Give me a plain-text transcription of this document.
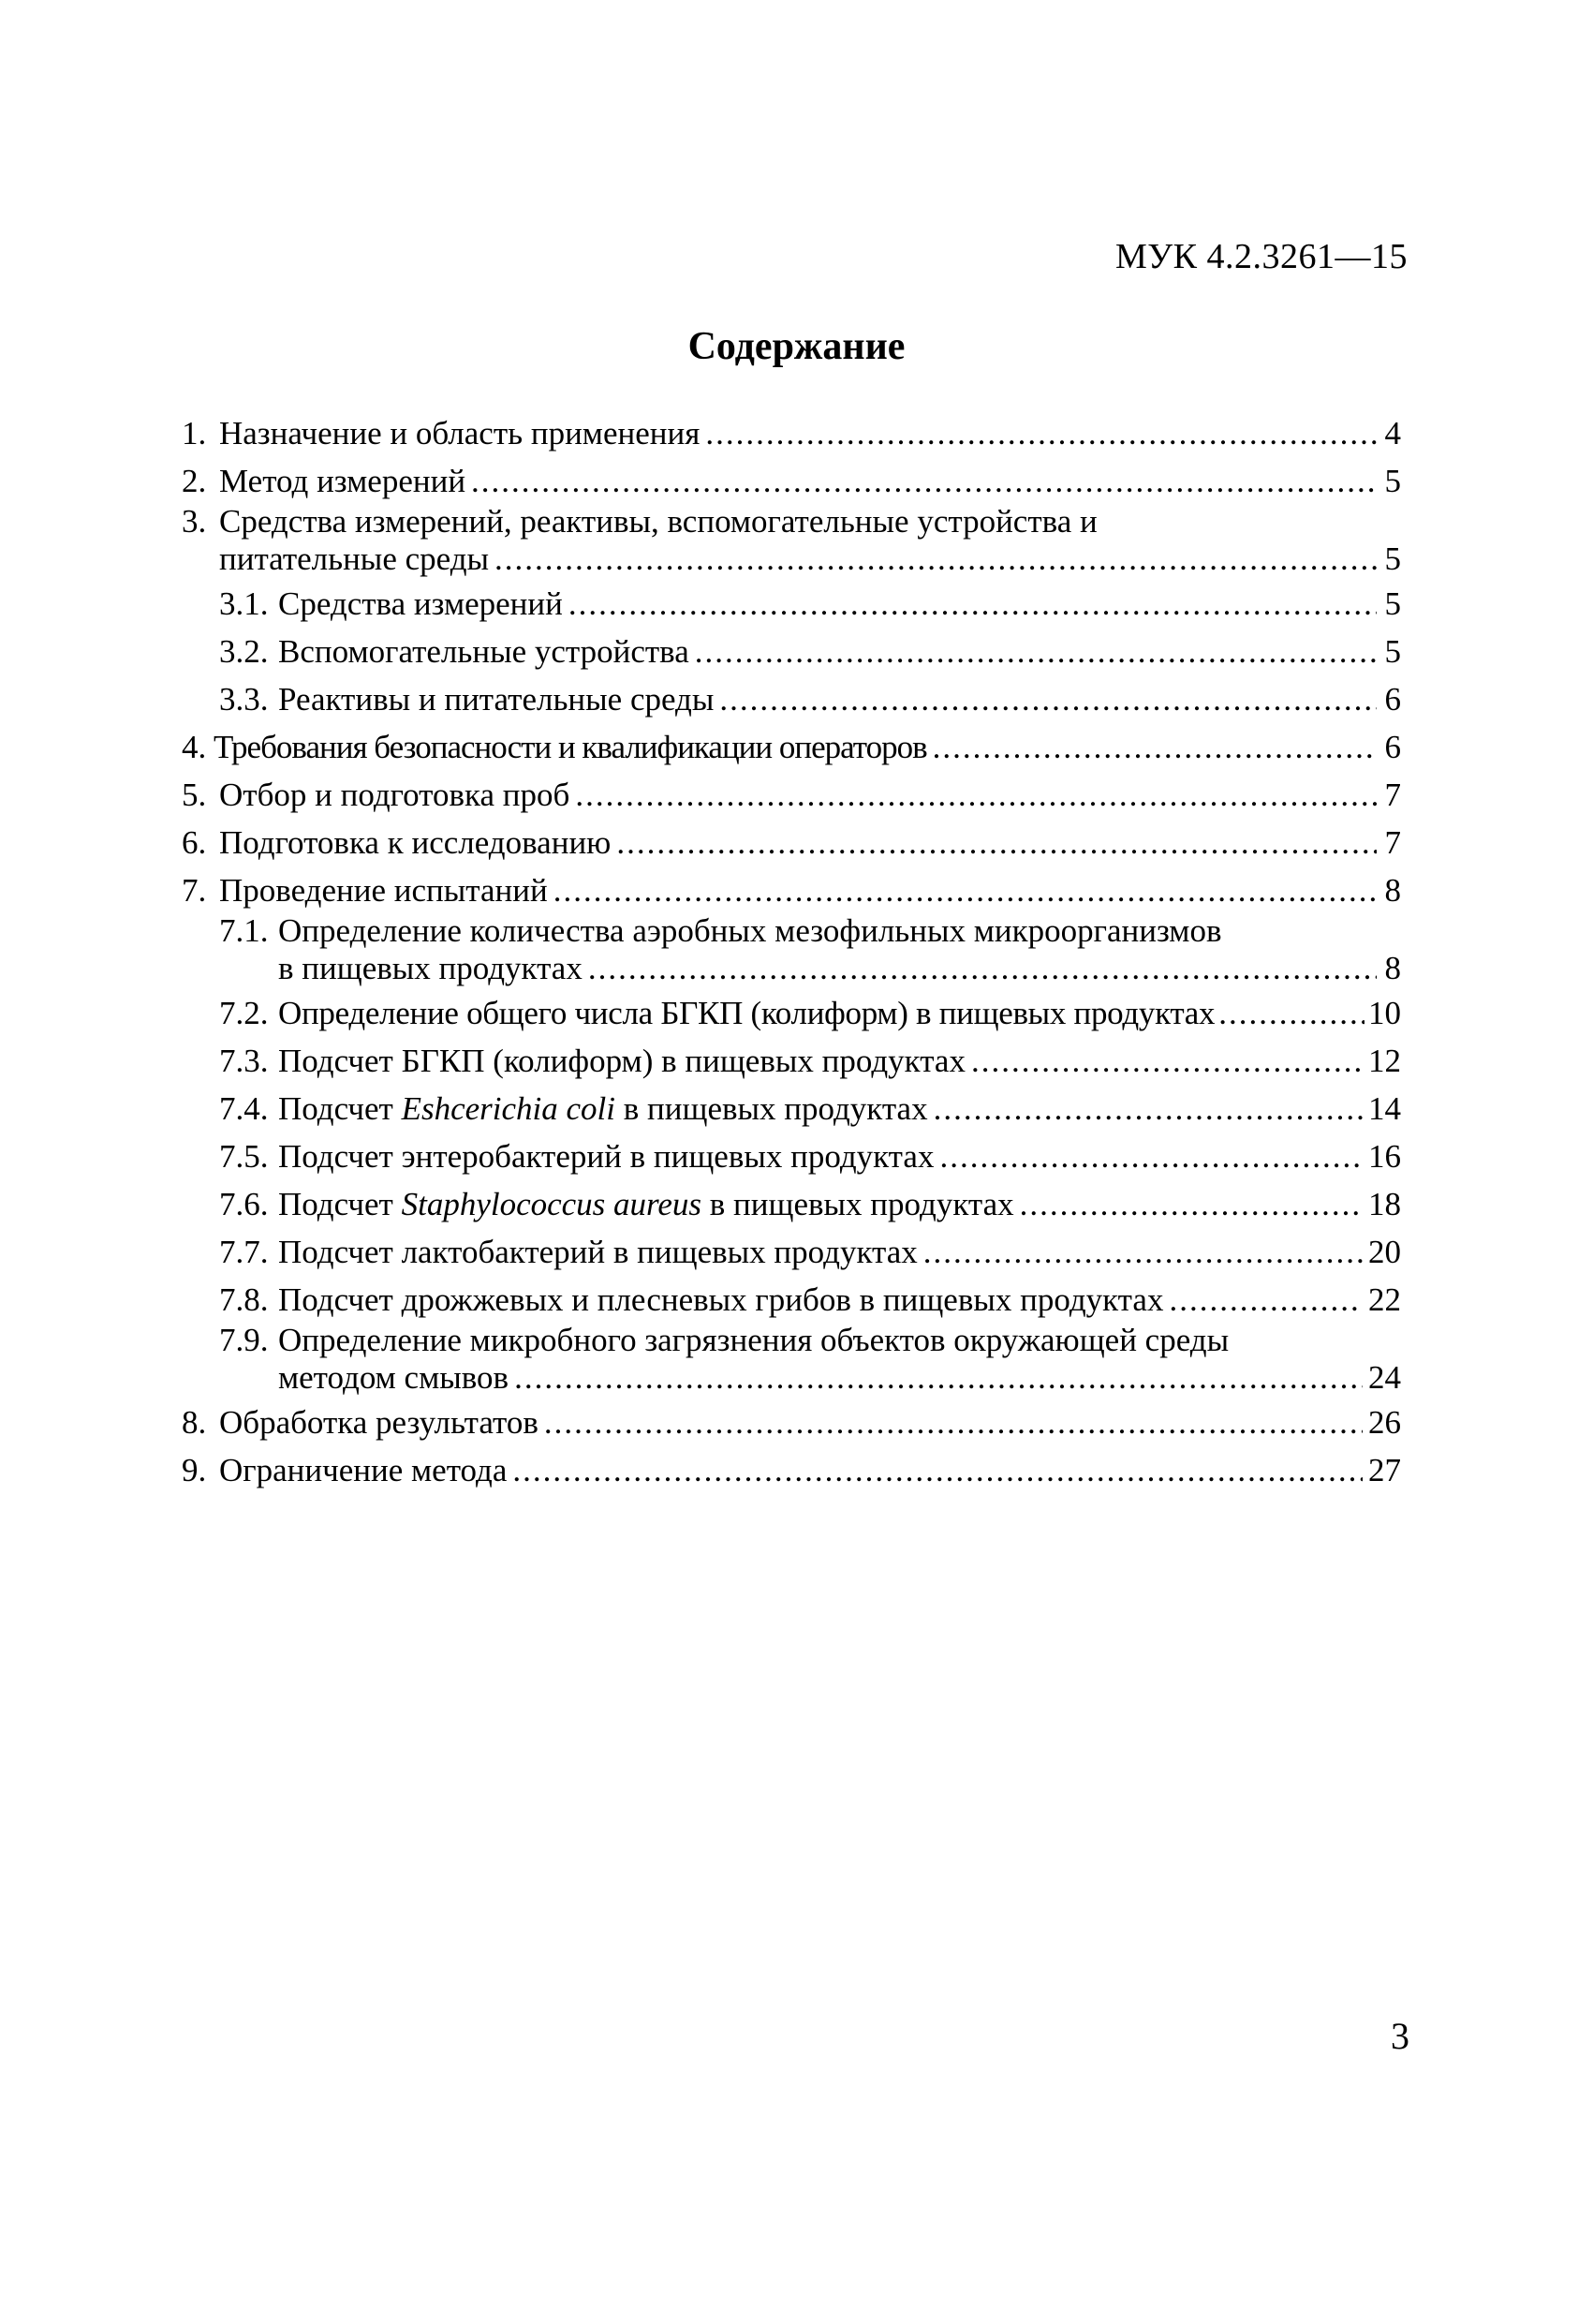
МУК 4.2.3261—15
Содержание
1. Назначение и область применения .....	4
2. Метод измерений .....	5
3. Средства измерений, реактивы, вспомогательные устройства и
питательные среды .....	5
3.1. Средства измерений .....	5
3.2. Вспомогательные устройства .....	5
3.3. Реактивы и питательные среды .....	6
4. Требования безопасности и квалификации операторов .....	6
5. Отбор и подготовка проб .....	7
6. Подготовка к исследованию .....	7
7. Проведение испытаний .....	8
7.1. Определение количества аэробных мезофильных микроорганизмов
в пищевых продуктах .....	8
7.2. Определение общего числа БГКП (колиформ) в пищевых продуктах .....	10
7.3. Подсчет БГКП (колиформ) в пищевых продуктах .....	12
7.4. Подсчет Eshcerichia coli в пищевых продуктах .....	14
7.5. Подсчет энтеробактерий в пищевых продуктах .....	16
7.6. Подсчет Staphylococcus aureus в пищевых продуктах .....	18
7.7. Подсчет лактобактерий в пищевых продуктах .....	20
7.8. Подсчет дрожжевых и плесневых грибов в пищевых продуктах .....	22
7.9. Определение микробного загрязнения объектов окружающей среды
методом смывов .....	24
8. Обработка результатов .....	26
9. Ограничение метода .....	27
3
